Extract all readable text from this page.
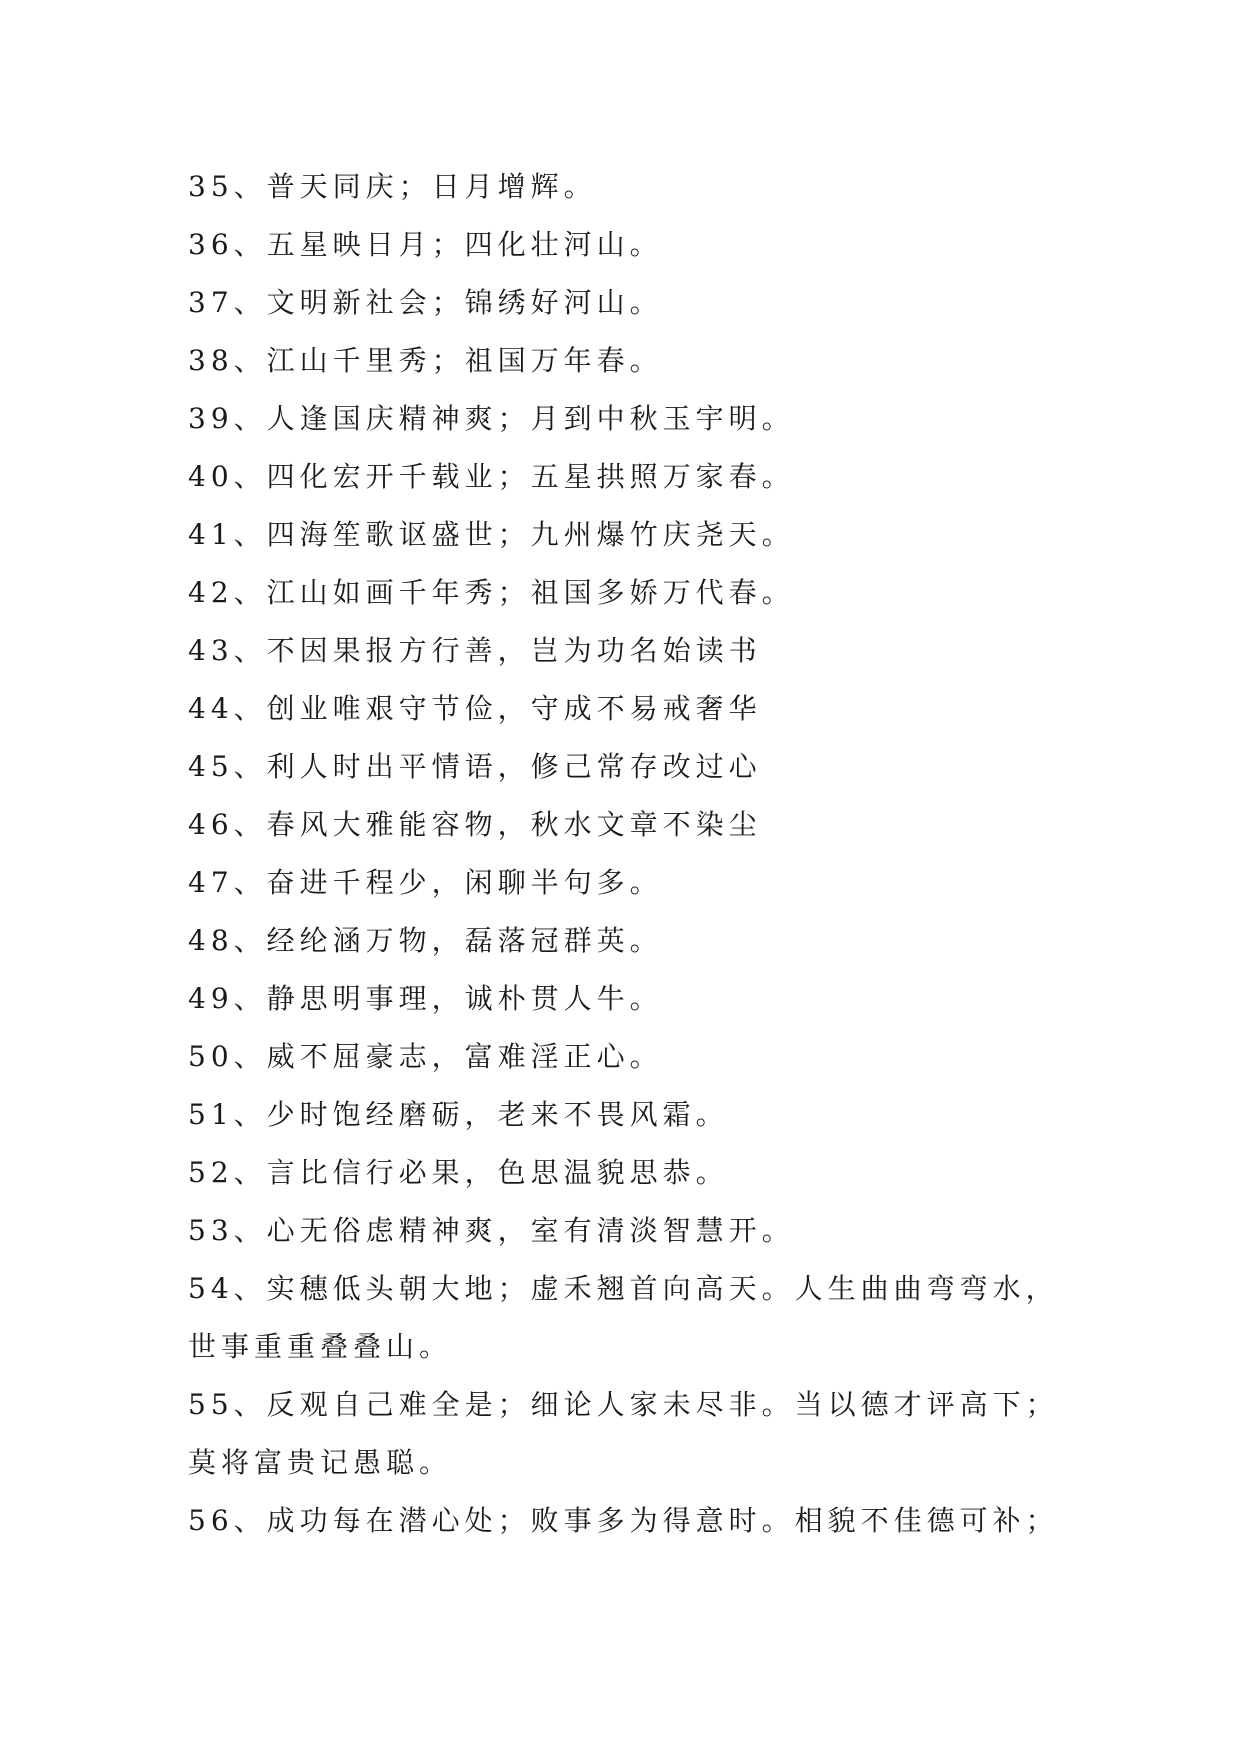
35、普天同庆；日月增辉。
36、五星映日月；四化壮河山。
37、文明新社会；锦绣好河山。
38、江山千里秀；祖国万年春。
39、人逢国庆精神爽；月到中秋玉宇明。
40、四化宏开千载业；五星拱照万家春。
41、四海笙歌讴盛世；九州爆竹庆尧天。
42、江山如画千年秀；祖国多娇万代春。
43、不因果报方行善，岂为功名始读书
44、创业唯艰守节俭，守成不易戒奢华
45、利人时出平情语，修己常存改过心
46、春风大雅能容物，秋水文章不染尘
47、奋进千程少，闲聊半句多。
48、经纶涵万物，磊落冠群英。
49、静思明事理，诚朴贯人牛。
50、威不屈豪志，富难淫正心。
51、少时饱经磨砺，老来不畏风霜。
52、言比信行必果，色思温貌思恭。
53、心无俗虑精神爽，室有清淡智慧开。
54、实穗低头朝大地；虚禾翘首向高天。人生曲曲弯弯水，
世事重重叠叠山。
55、反观自己难全是；细论人家未尽非。当以德才评高下；
莫将富贵记愚聪。
56、成功每在潜心处；败事多为得意时。相貌不佳德可补；
